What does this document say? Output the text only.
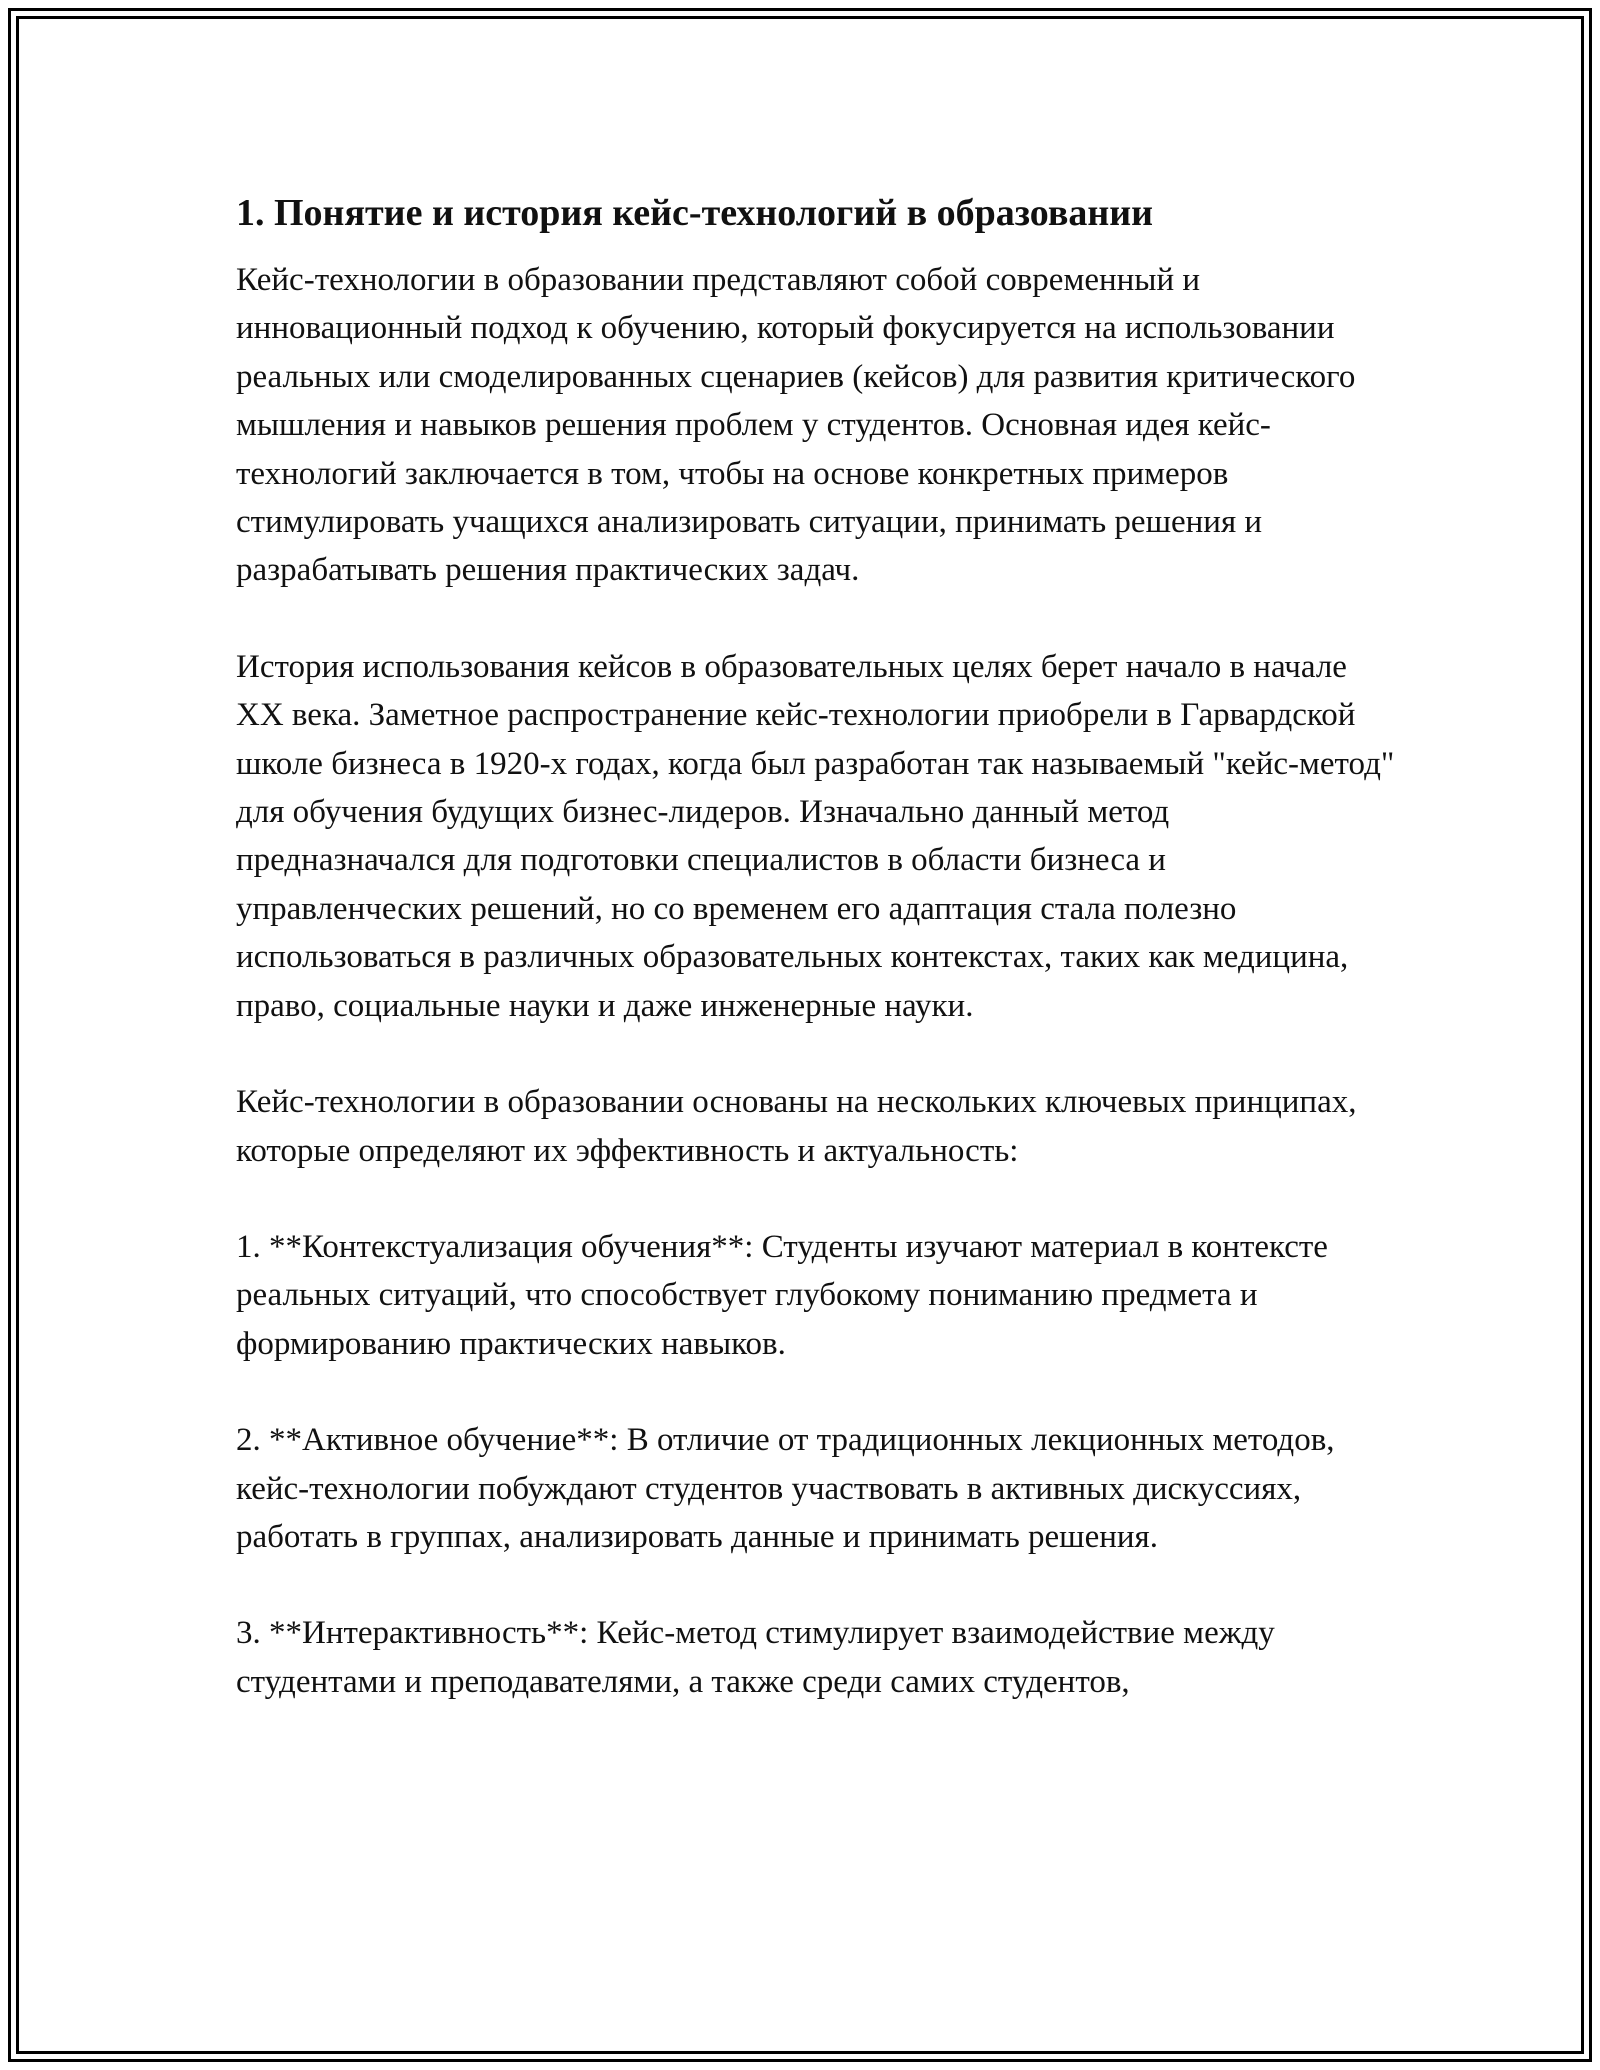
1. Понятие и история кейс-технологий в образовании

Кейс-технологии в образовании представляют собой современный и инновационный подход к обучению, который фокусируется на использовании реальных или смоделированных сценариев (кейсов) для развития критического мышления и навыков решения проблем у студентов. Основная идея кейс-технологий заключается в том, чтобы на основе конкретных примеров стимулировать учащихся анализировать ситуации, принимать решения и разрабатывать решения практических задач.

История использования кейсов в образовательных целях берет начало в начале XX века. Заметное распространение кейс-технологии приобрели в Гарвардской школе бизнеса в 1920-х годах, когда был разработан так называемый "кейс-метод" для обучения будущих бизнес-лидеров. Изначально данный метод предназначался для подготовки специалистов в области бизнеса и управленческих решений, но со временем его адаптация стала полезно использоваться в различных образовательных контекстах, таких как медицина, право, социальные науки и даже инженерные науки.

Кейс-технологии в образовании основаны на нескольких ключевых принципах, которые определяют их эффективность и актуальность:

1. **Контекстуализация обучения**: Студенты изучают материал в контексте реальных ситуаций, что способствует глубокому пониманию предмета и формированию практических навыков.

2. **Активное обучение**: В отличие от традиционных лекционных методов, кейс-технологии побуждают студентов участвовать в активных дискуссиях, работать в группах, анализировать данные и принимать решения.

3. **Интерактивность**: Кейс-метод стимулирует взаимодействие между студентами и преподавателями, а также среди самих студентов,
